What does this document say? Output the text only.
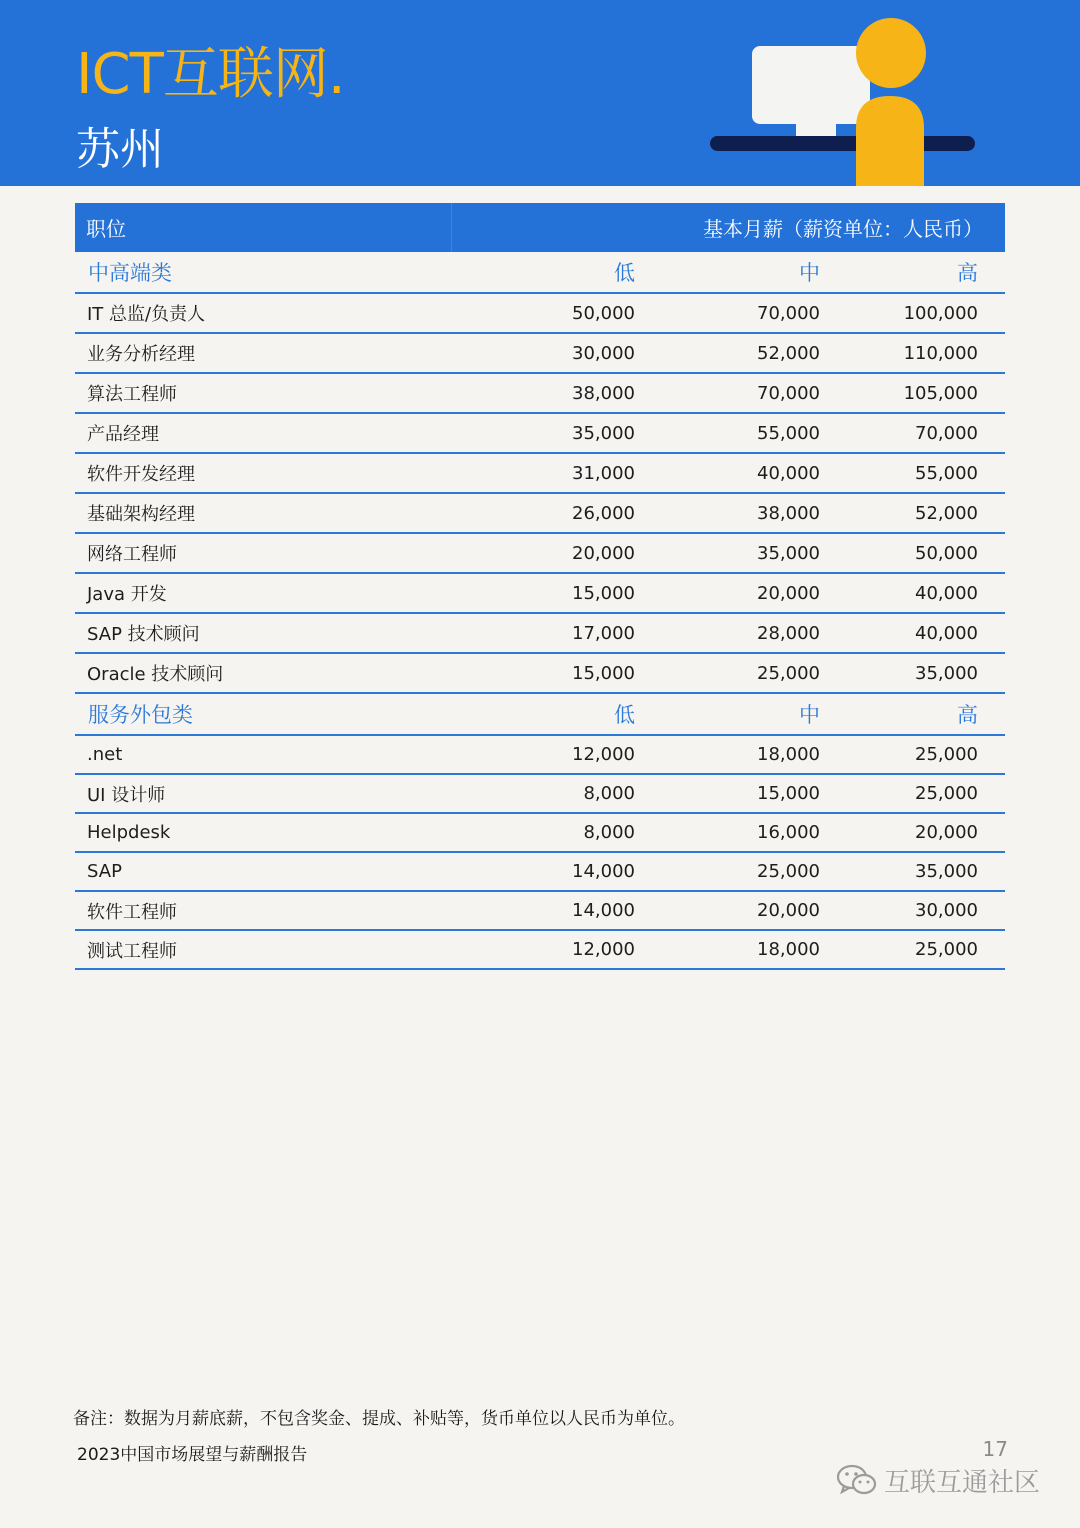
ICT互联网.
苏州
职位	基本月薪（薪资单位：人民币）		
中高端类	低	中	高
IT 总监/负责人	50,000	70,000	100,000
业务分析经理	30,000	52,000	110,000
算法工程师	38,000	70,000	105,000
产品经理	35,000	55,000	70,000
软件开发经理	31,000	40,000	55,000
基础架构经理	26,000	38,000	52,000
网络工程师	20,000	35,000	50,000
Java 开发	15,000	20,000	40,000
SAP 技术顾问	17,000	28,000	40,000
Oracle 技术顾问	15,000	25,000	35,000
服务外包类	低	中	高
.net	12,000	18,000	25,000
UI 设计师	8,000	15,000	25,000
Helpdesk	8,000	16,000	20,000
SAP	14,000	25,000	35,000
软件工程师	14,000	20,000	30,000
测试工程师	12,000	18,000	25,000
备注：数据为月薪底薪，不包含奖金、提成、补贴等，货币单位以人民币为单位。
2023中国市场展望与薪酬报告	17
互联互通社区
